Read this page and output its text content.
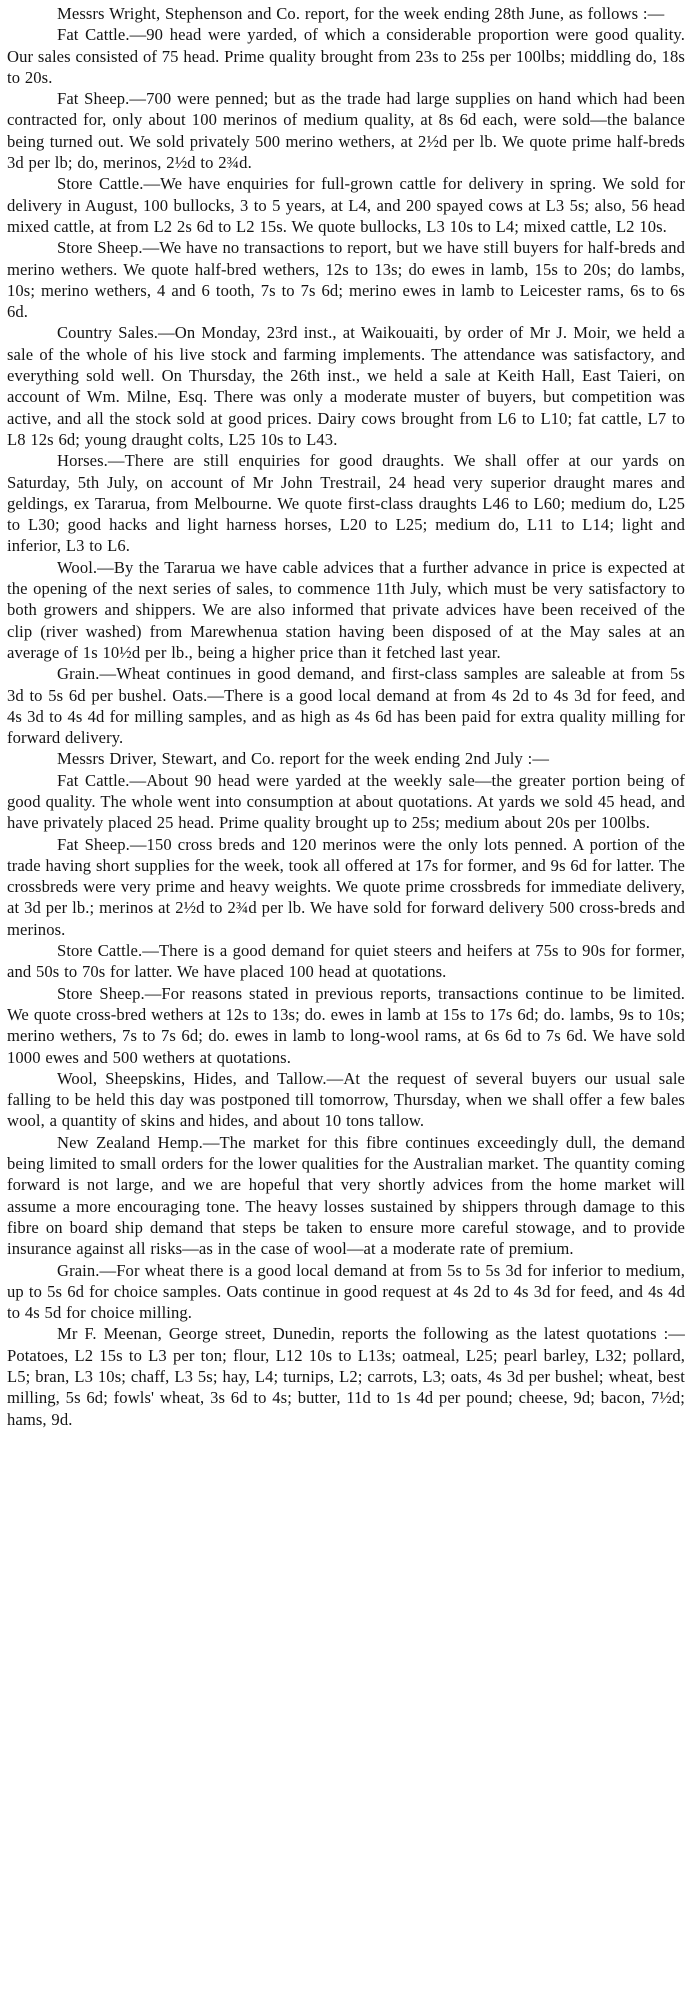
Messrs Wright, Stephenson and Co. report, for the week ending 28th June, as follows :—

Fat Cattle.—90 head were yarded, of which a considerable proportion were good quality. Our sales consisted of 75 head. Prime quality brought from 23s to 25s per 100lbs; middling do, 18s to 20s.

Fat Sheep.—700 were penned; but as the trade had large supplies on hand which had been contracted for, only about 100 merinos of medium quality, at 8s 6d each, were sold—the balance being turned out. We sold privately 500 merino wethers, at 2½d per lb. We quote prime half-breds 3d per lb; do, merinos, 2½d to 2¾d.

Store Cattle.—We have enquiries for full-grown cattle for delivery in spring. We sold for delivery in August, 100 bullocks, 3 to 5 years, at L4, and 200 spayed cows at L3 5s; also, 56 head mixed cattle, at from L2 2s 6d to L2 15s. We quote bullocks, L3 10s to L4; mixed cattle, L2 10s.

Store Sheep.—We have no transactions to report, but we have still buyers for half-breds and merino wethers. We quote half-bred wethers, 12s to 13s; do ewes in lamb, 15s to 20s; do lambs, 10s; merino wethers, 4 and 6 tooth, 7s to 7s 6d; merino ewes in lamb to Leicester rams, 6s to 6s 6d.

Country Sales.—On Monday, 23rd inst., at Waikouaiti, by order of Mr J. Moir, we held a sale of the whole of his live stock and farming implements. The attendance was satisfactory, and everything sold well. On Thursday, the 26th inst., we held a sale at Keith Hall, East Taieri, on account of Wm. Milne, Esq. There was only a moderate muster of buyers, but competition was active, and all the stock sold at good prices. Dairy cows brought from L6 to L10; fat cattle, L7 to L8 12s 6d; young draught colts, L25 10s to L43.

Horses.—There are still enquiries for good draughts. We shall offer at our yards on Saturday, 5th July, on account of Mr John Trestrail, 24 head very superior draught mares and geldings, ex Tararua, from Melbourne. We quote first-class draughts L46 to L60; medium do, L25 to L30; good hacks and light harness horses, L20 to L25; medium do, L11 to L14; light and inferior, L3 to L6.

Wool.—By the Tararua we have cable advices that a further advance in price is expected at the opening of the next series of sales, to commence 11th July, which must be very satisfactory to both growers and shippers. We are also informed that private advices have been received of the clip (river washed) from Marewhenua station having been disposed of at the May sales at an average of 1s 10½d per lb., being a higher price than it fetched last year.

Grain.—Wheat continues in good demand, and first-class samples are saleable at from 5s 3d to 5s 6d per bushel. Oats.—There is a good local demand at from 4s 2d to 4s 3d for feed, and 4s 3d to 4s 4d for milling samples, and as high as 4s 6d has been paid for extra quality milling for forward delivery.

Messrs Driver, Stewart, and Co. report for the week ending 2nd July :—

Fat Cattle.—About 90 head were yarded at the weekly sale—the greater portion being of good quality. The whole went into consumption at about quotations. At yards we sold 45 head, and have privately placed 25 head. Prime quality brought up to 25s; medium about 20s per 100lbs.

Fat Sheep.—150 cross breds and 120 merinos were the only lots penned. A portion of the trade having short supplies for the week, took all offered at 17s for former, and 9s 6d for latter. The crossbreds were very prime and heavy weights. We quote prime crossbreds for immediate delivery, at 3d per lb.; merinos at 2½d to 2¾d per lb. We have sold for forward delivery 500 cross-breds and merinos.

Store Cattle.—There is a good demand for quiet steers and heifers at 75s to 90s for former, and 50s to 70s for latter. We have placed 100 head at quotations.

Store Sheep.—For reasons stated in previous reports, transactions continue to be limited. We quote cross-bred wethers at 12s to 13s; do. ewes in lamb at 15s to 17s 6d; do. lambs, 9s to 10s; merino wethers, 7s to 7s 6d; do. ewes in lamb to long-wool rams, at 6s 6d to 7s 6d. We have sold 1000 ewes and 500 wethers at quotations.

Wool, Sheepskins, Hides, and Tallow.—At the request of several buyers our usual sale falling to be held this day was postponed till tomorrow, Thursday, when we shall offer a few bales wool, a quantity of skins and hides, and about 10 tons tallow.

New Zealand Hemp.—The market for this fibre continues exceedingly dull, the demand being limited to small orders for the lower qualities for the Australian market. The quantity coming forward is not large, and we are hopeful that very shortly advices from the home market will assume a more encouraging tone. The heavy losses sustained by shippers through damage to this fibre on board ship demand that steps be taken to ensure more careful stowage, and to provide insurance against all risks—as in the case of wool—at a moderate rate of premium.

Grain.—For wheat there is a good local demand at from 5s to 5s 3d for inferior to medium, up to 5s 6d for choice samples. Oats continue in good request at 4s 2d to 4s 3d for feed, and 4s 4d to 4s 5d for choice milling.

Mr F. Meenan, George street, Dunedin, reports the following as the latest quotations :—Potatoes, L2 15s to L3 per ton; flour, L12 10s to L13s; oatmeal, L25; pearl barley, L32; pollard, L5; bran, L3 10s; chaff, L3 5s; hay, L4; turnips, L2; carrots, L3; oats, 4s 3d per bushel; wheat, best milling, 5s 6d; fowls' wheat, 3s 6d to 4s; butter, 11d to 1s 4d per pound; cheese, 9d; bacon, 7½d; hams, 9d.
